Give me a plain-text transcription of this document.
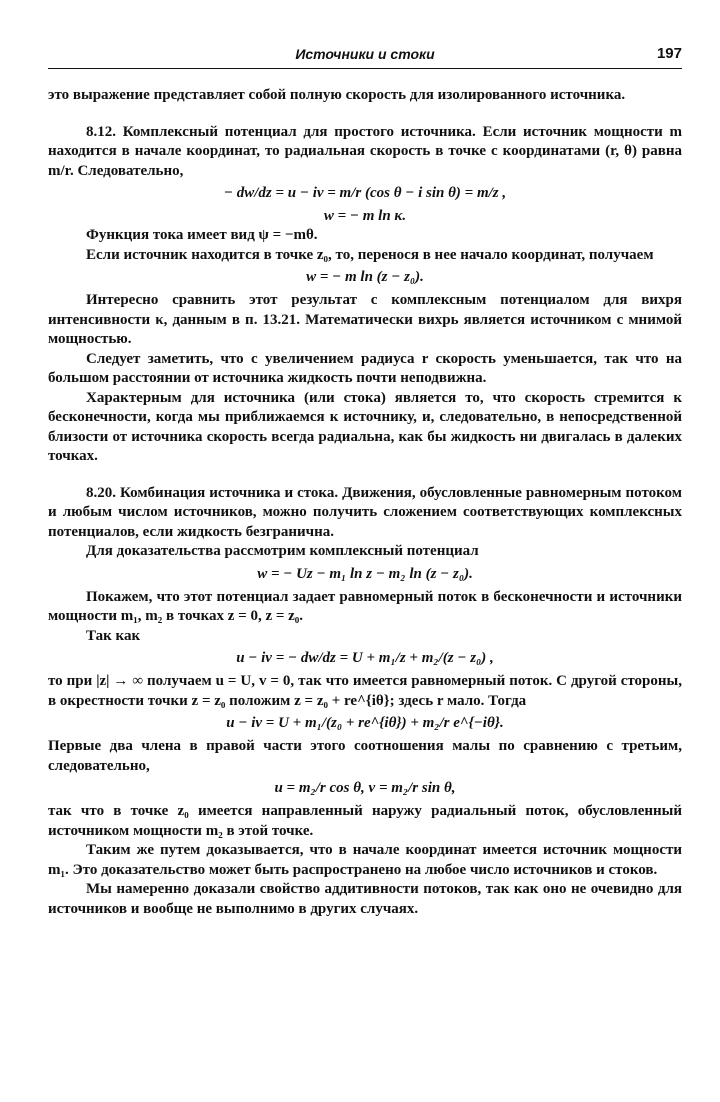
Источники и стоки	197

это выражение представляет собой полную скорость для изолированного источника.

8.12. Комплексный потенциал для простого источника. Если источник мощности m находится в начале координат, то радиальная скорость в точке с координатами (r, θ) равна m/r. Следовательно,

− dw/dz = u − iv = m/r (cos θ − i sin θ) = m/z ,
w = − m ln κ.

Функция тока имеет вид ψ = −mθ.

Если источник находится в точке z₀, то, перенося в нее начало координат, получаем

w = − m ln (z − z₀).

Интересно сравнить этот результат с комплексным потенциалом для вихря интенсивности κ, данным в п. 13.21. Математически вихрь является источником с мнимой мощностью.

Следует заметить, что с увеличением радиуса r скорость уменьшается, так что на большом расстоянии от источника жидкость почти неподвижна.

Характерным для источника (или стока) является то, что скорость стремится к бесконечности, когда мы приближаемся к источнику, и, следовательно, в непосредственной близости от источника скорость всегда радиальна, как бы жидкость ни двигалась в далеких точках.

8.20. Комбинация источника и стока. Движения, обусловленные равномерным потоком и любым числом источников, можно получить сложением соответствующих комплексных потенциалов, если жидкость безгранична.

Для доказательства рассмотрим комплексный потенциал

w = − Uz − m₁ ln z − m₂ ln (z − z₀).

Покажем, что этот потенциал задает равномерный поток в бесконечности и источники мощности m₁, m₂ в точках z = 0, z = z₀.

Так как

u − iv = − dw/dz = U + m₁/z + m₂/(z − z₀) ,

то при |z| → ∞ получаем u = U, v = 0, так что имеется равномерный поток. С другой стороны, в окрестности точки z = z₀ положим z = z₀ + re^{iθ}; здесь r мало. Тогда

u − iv = U + m₁/(z₀ + re^{iθ}) + m₂/r e^{−iθ}.

Первые два члена в правой части этого соотношения малы по сравнению с третьим, следовательно,

u = m₂/r cos θ, v = m₂/r sin θ,

так что в точке z₀ имеется направленный наружу радиальный поток, обусловленный источником мощности m₂ в этой точке.

Таким же путем доказывается, что в начале координат имеется источник мощности m₁. Это доказательство может быть распространено на любое число источников и стоков.

Мы намеренно доказали свойство аддитивности потоков, так как оно не очевидно для источников и вообще не выполнимо в других случаях.
